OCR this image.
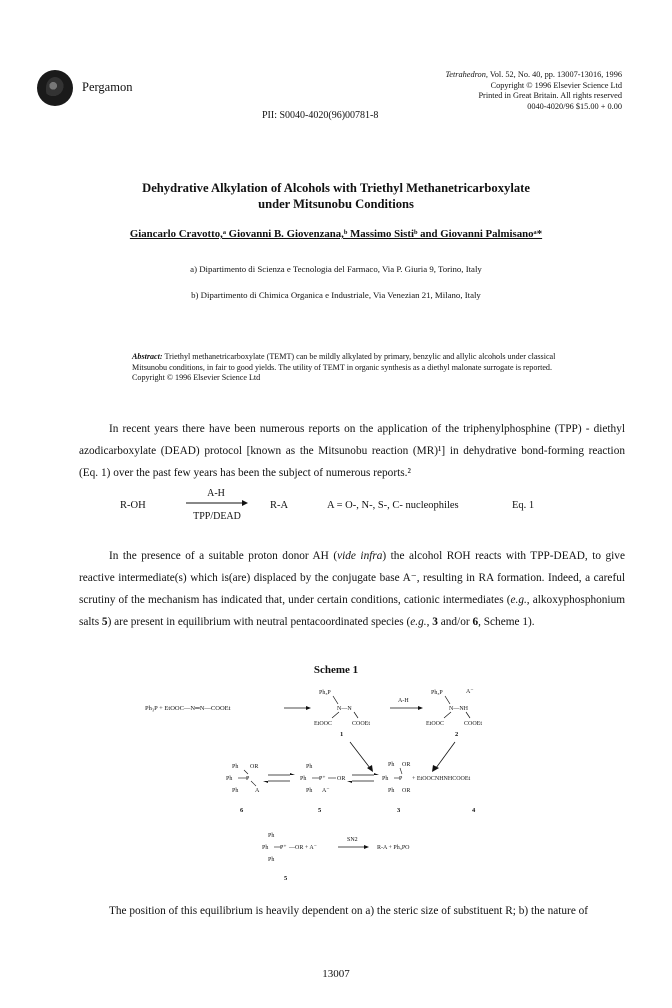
Pergamon
Tetrahedron, Vol. 52, No. 40, pp. 13007-13016, 1996
Copyright © 1996 Elsevier Science Ltd
Printed in Great Britain. All rights reserved
0040-4020/96 $15.00 + 0.00
PII: S0040-4020(96)00781-8
Dehydrative Alkylation of Alcohols with Triethyl Methanetricarboxylate
under Mitsunobu Conditions
Giancarlo Cravotto,ᵃ Giovanni B. Giovenzana,ᵇ Massimo Sistiᵇ and Giovanni Palmisanoᵃ*
a) Dipartimento di Scienza e Tecnologia del Farmaco, Via P. Giuria 9, Torino, Italy
b) Dipartimento di Chimica Organica e Industriale, Via Venezian 21, Milano, Italy
Abstract: Triethyl methanetricarboxylate (TEMT) can be mildly alkylated by primary, benzylic and allylic alcohols under classical Mitsunobu conditions, in fair to good yields. The utility of TEMT in organic synthesis as a diethyl malonate surrogate is reported.
Copyright © 1996 Elsevier Science Ltd
In recent years there have been numerous reports on the application of the triphenylphosphine (TPP) - diethyl azodicarboxylate (DEAD) protocol [known as the Mitsunobu reaction (MR)¹] in dehydrative bond-forming reaction (Eq. 1) over the past few years has been the subject of numerous reports.²
R-OH
A-H
TPP/DEAD
R-A	A = O-, N-, S-, C- nucleophiles	Eq. 1
In the presence of a suitable proton donor AH (vide infra) the alcohol ROH reacts with TPP-DEAD, to give reactive intermediate(s) which is(are) displaced by the conjugate base A⁻, resulting in RA formation. Indeed, a careful scrutiny of the mechanism has indicated that, under certain conditions, cationic intermediates (e.g., alkoxyphosphonium salts 5) are present in equilibrium with neutral pentacoordinated species (e.g., 3 and/or 6, Scheme 1).
Scheme 1
Ph₃P + EtOOC—N═N—COOEt
Ph₃P
N—N
EtOOC	COOEt
1
A-H
Ph₃P	A⁻
N—NH
EtOOC	COOEt
2
Ph OR
Ph P
Ph	A
6
Ph
Ph P⁺ OR
Ph A⁻
5
Ph OR
Ph P
Ph OR
+ EtOOCNHNHCOOEt
3	4
Ph
Ph P⁺ —OR + A⁻
Ph
5
SN2
R-A + Ph₃PO
The position of this equilibrium is heavily dependent on a) the steric size of substituent R; b) the nature of
13007
